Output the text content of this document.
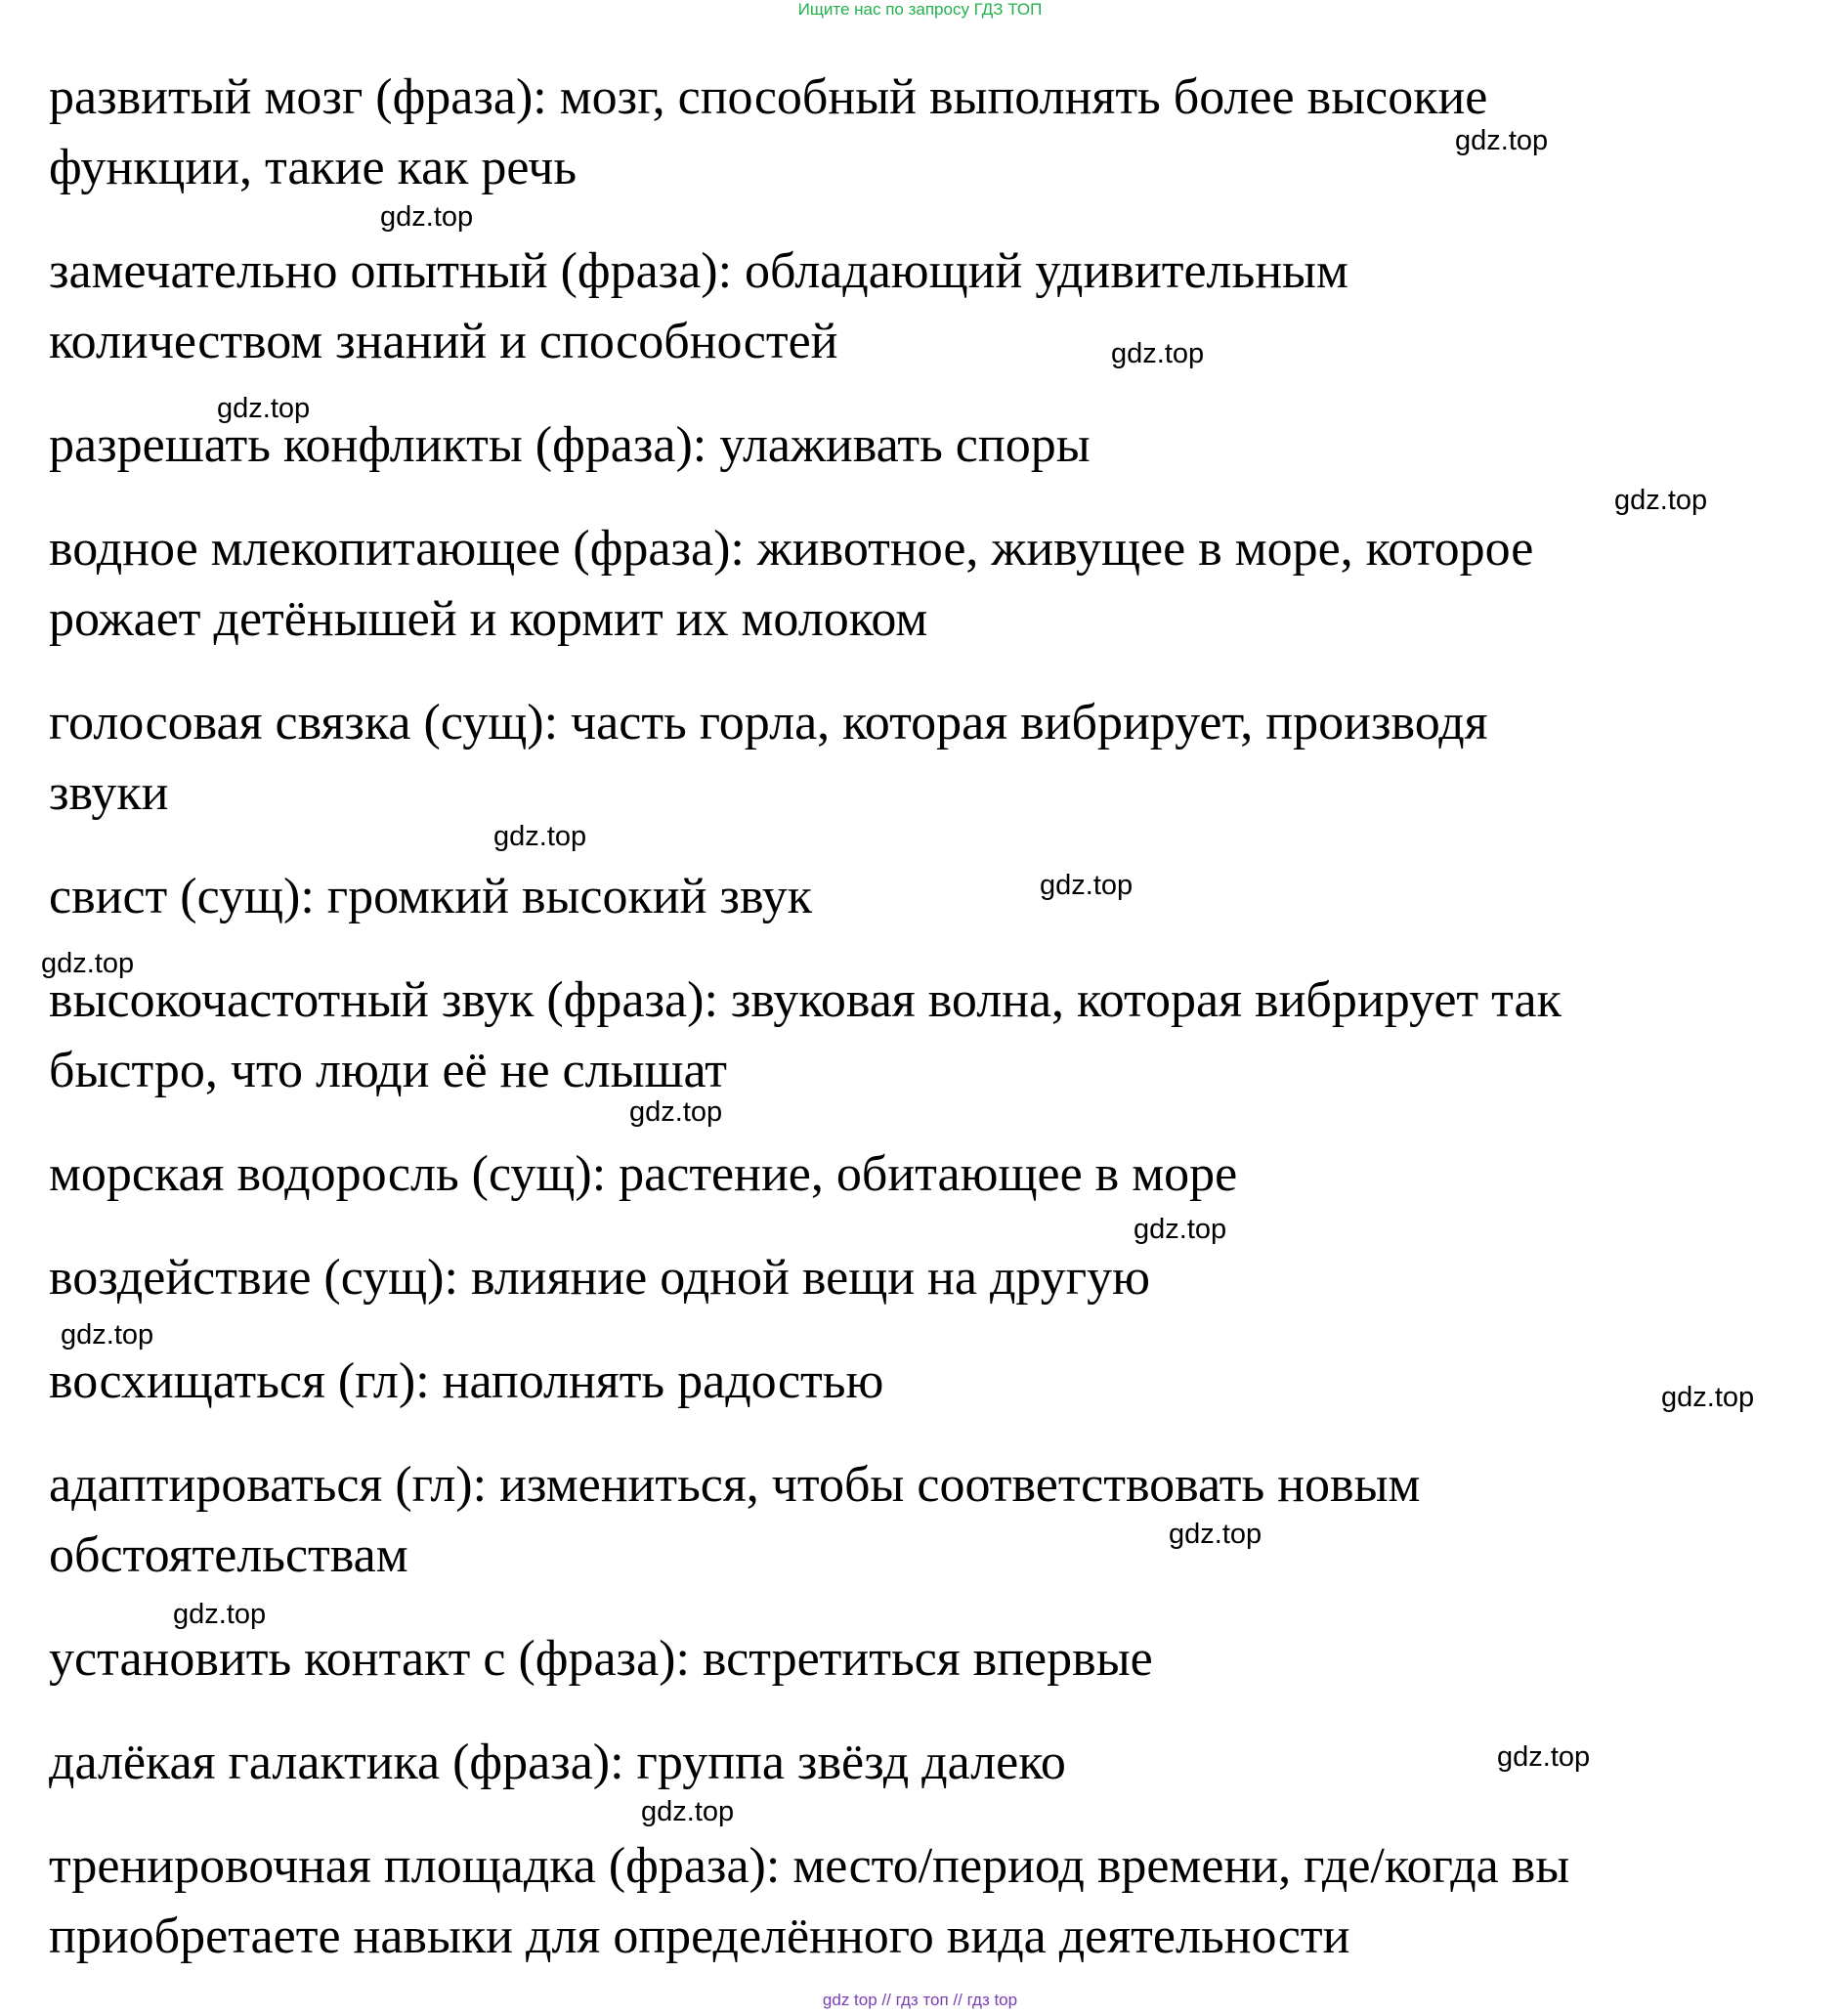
Ищите нас по запросу ГДЗ ТОП
развитый мозг (фраза): мозг, способный выполнять более высокие
функции, такие как речь
замечательно опытный (фраза): обладающий удивительным
количеством знаний и способностей
разрешать конфликты (фраза): улаживать споры
водное млекопитающее (фраза): животное, живущее в море, которое
рожает детёнышей и кормит их молоком
голосовая связка (сущ): часть горла, которая вибрирует, производя
звуки
свист (сущ): громкий высокий звук
высокочастотный звук (фраза): звуковая волна, которая вибрирует так
быстро, что люди её не слышат
морская водоросль (сущ): растение, обитающее в море
воздействие (сущ): влияние одной вещи на другую
восхищаться (гл): наполнять радостью
адаптироваться (гл): измениться, чтобы соответствовать новым
обстоятельствам
установить контакт с (фраза): встретиться впервые
далёкая галактика (фраза): группа звёзд далеко
тренировочная площадка (фраза): место/период времени, где/когда вы
приобретаете навыки для определённого вида деятельности
gdz.top
gdz.top
gdz.top
gdz.top
gdz.top
gdz.top
gdz.top
gdz.top
gdz.top
gdz.top
gdz.top
gdz.top
gdz.top
gdz.top
gdz.top
gdz.top
gdz top // гдз топ // гдз top
